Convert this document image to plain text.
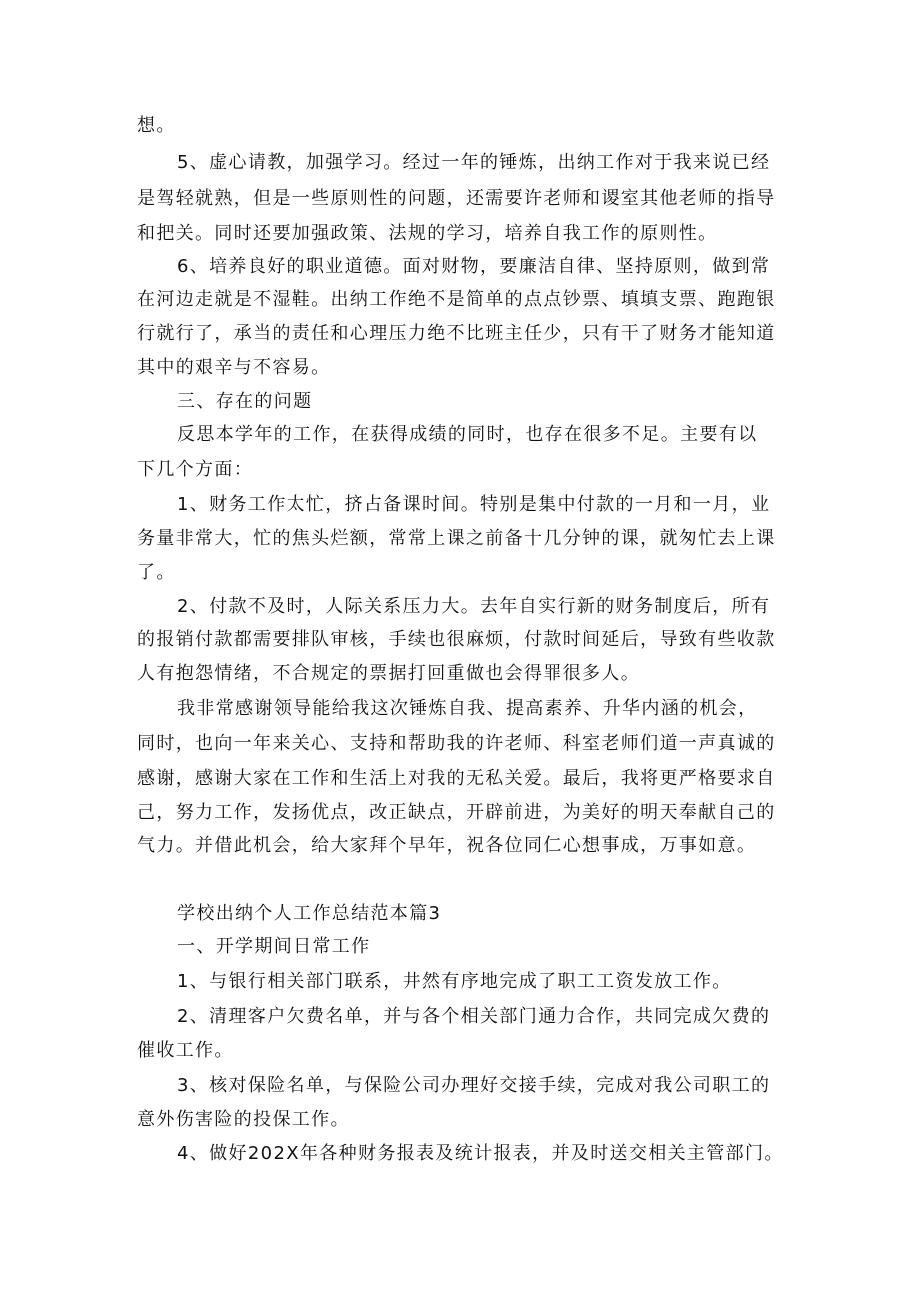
想。
5、虚心请教，加强学习。经过一年的锤炼，出纳工作对于我来说已经
是驾轻就熟，但是一些原则性的问题，还需要许老师和谡室其他老师的指导
和把关。同时还要加强政策、法规的学习，培养自我工作的原则性。
6、培养良好的职业道德。面对财物，要廉洁自律、坚持原则，做到常
在河边走就是不湿鞋。出纳工作绝不是简单的点点钞票、填填支票、跑跑银
行就行了，承当的责任和心理压力绝不比班主任少，只有干了财务才能知道
其中的艰辛与不容易。
三、存在的问题
反思本学年的工作，在获得成绩的同时，也存在很多不足。主要有以
下几个方面：
1、财务工作太忙，挤占备课时间。特别是集中付款的一月和一月，业
务量非常大，忙的焦头烂额，常常上课之前备十几分钟的课，就匆忙去上课
了。
2、付款不及时，人际关系压力大。去年自实行新的财务制度后，所有
的报销付款都需要排队审核，手续也很麻烦，付款时间延后，导致有些收款
人有抱怨情绪，不合规定的票据打回重做也会得罪很多人。
我非常感谢领导能给我这次锤炼自我、提高素养、升华内涵的机会，
同时，也向一年来关心、支持和帮助我的许老师、科室老师们道一声真诚的
感谢，感谢大家在工作和生活上对我的无私关爱。最后，我将更严格要求自
己，努力工作，发扬优点，改正缺点，开辟前进，为美好的明天奉献自己的
气力。并借此机会，给大家拜个早年，祝各位同仁心想事成，万事如意。
学校出纳个人工作总结范本篇3
一、开学期间日常工作
1、与银行相关部门联系，井然有序地完成了职工工资发放工作。
2、清理客户欠费名单，并与各个相关部门通力合作，共同完成欠费的
催收工作。
3、核对保险名单，与保险公司办理好交接手续，完成对我公司职工的
意外伤害险的投保工作。
4、做好202X年各种财务报表及统计报表，并及时送交相关主管部门。
